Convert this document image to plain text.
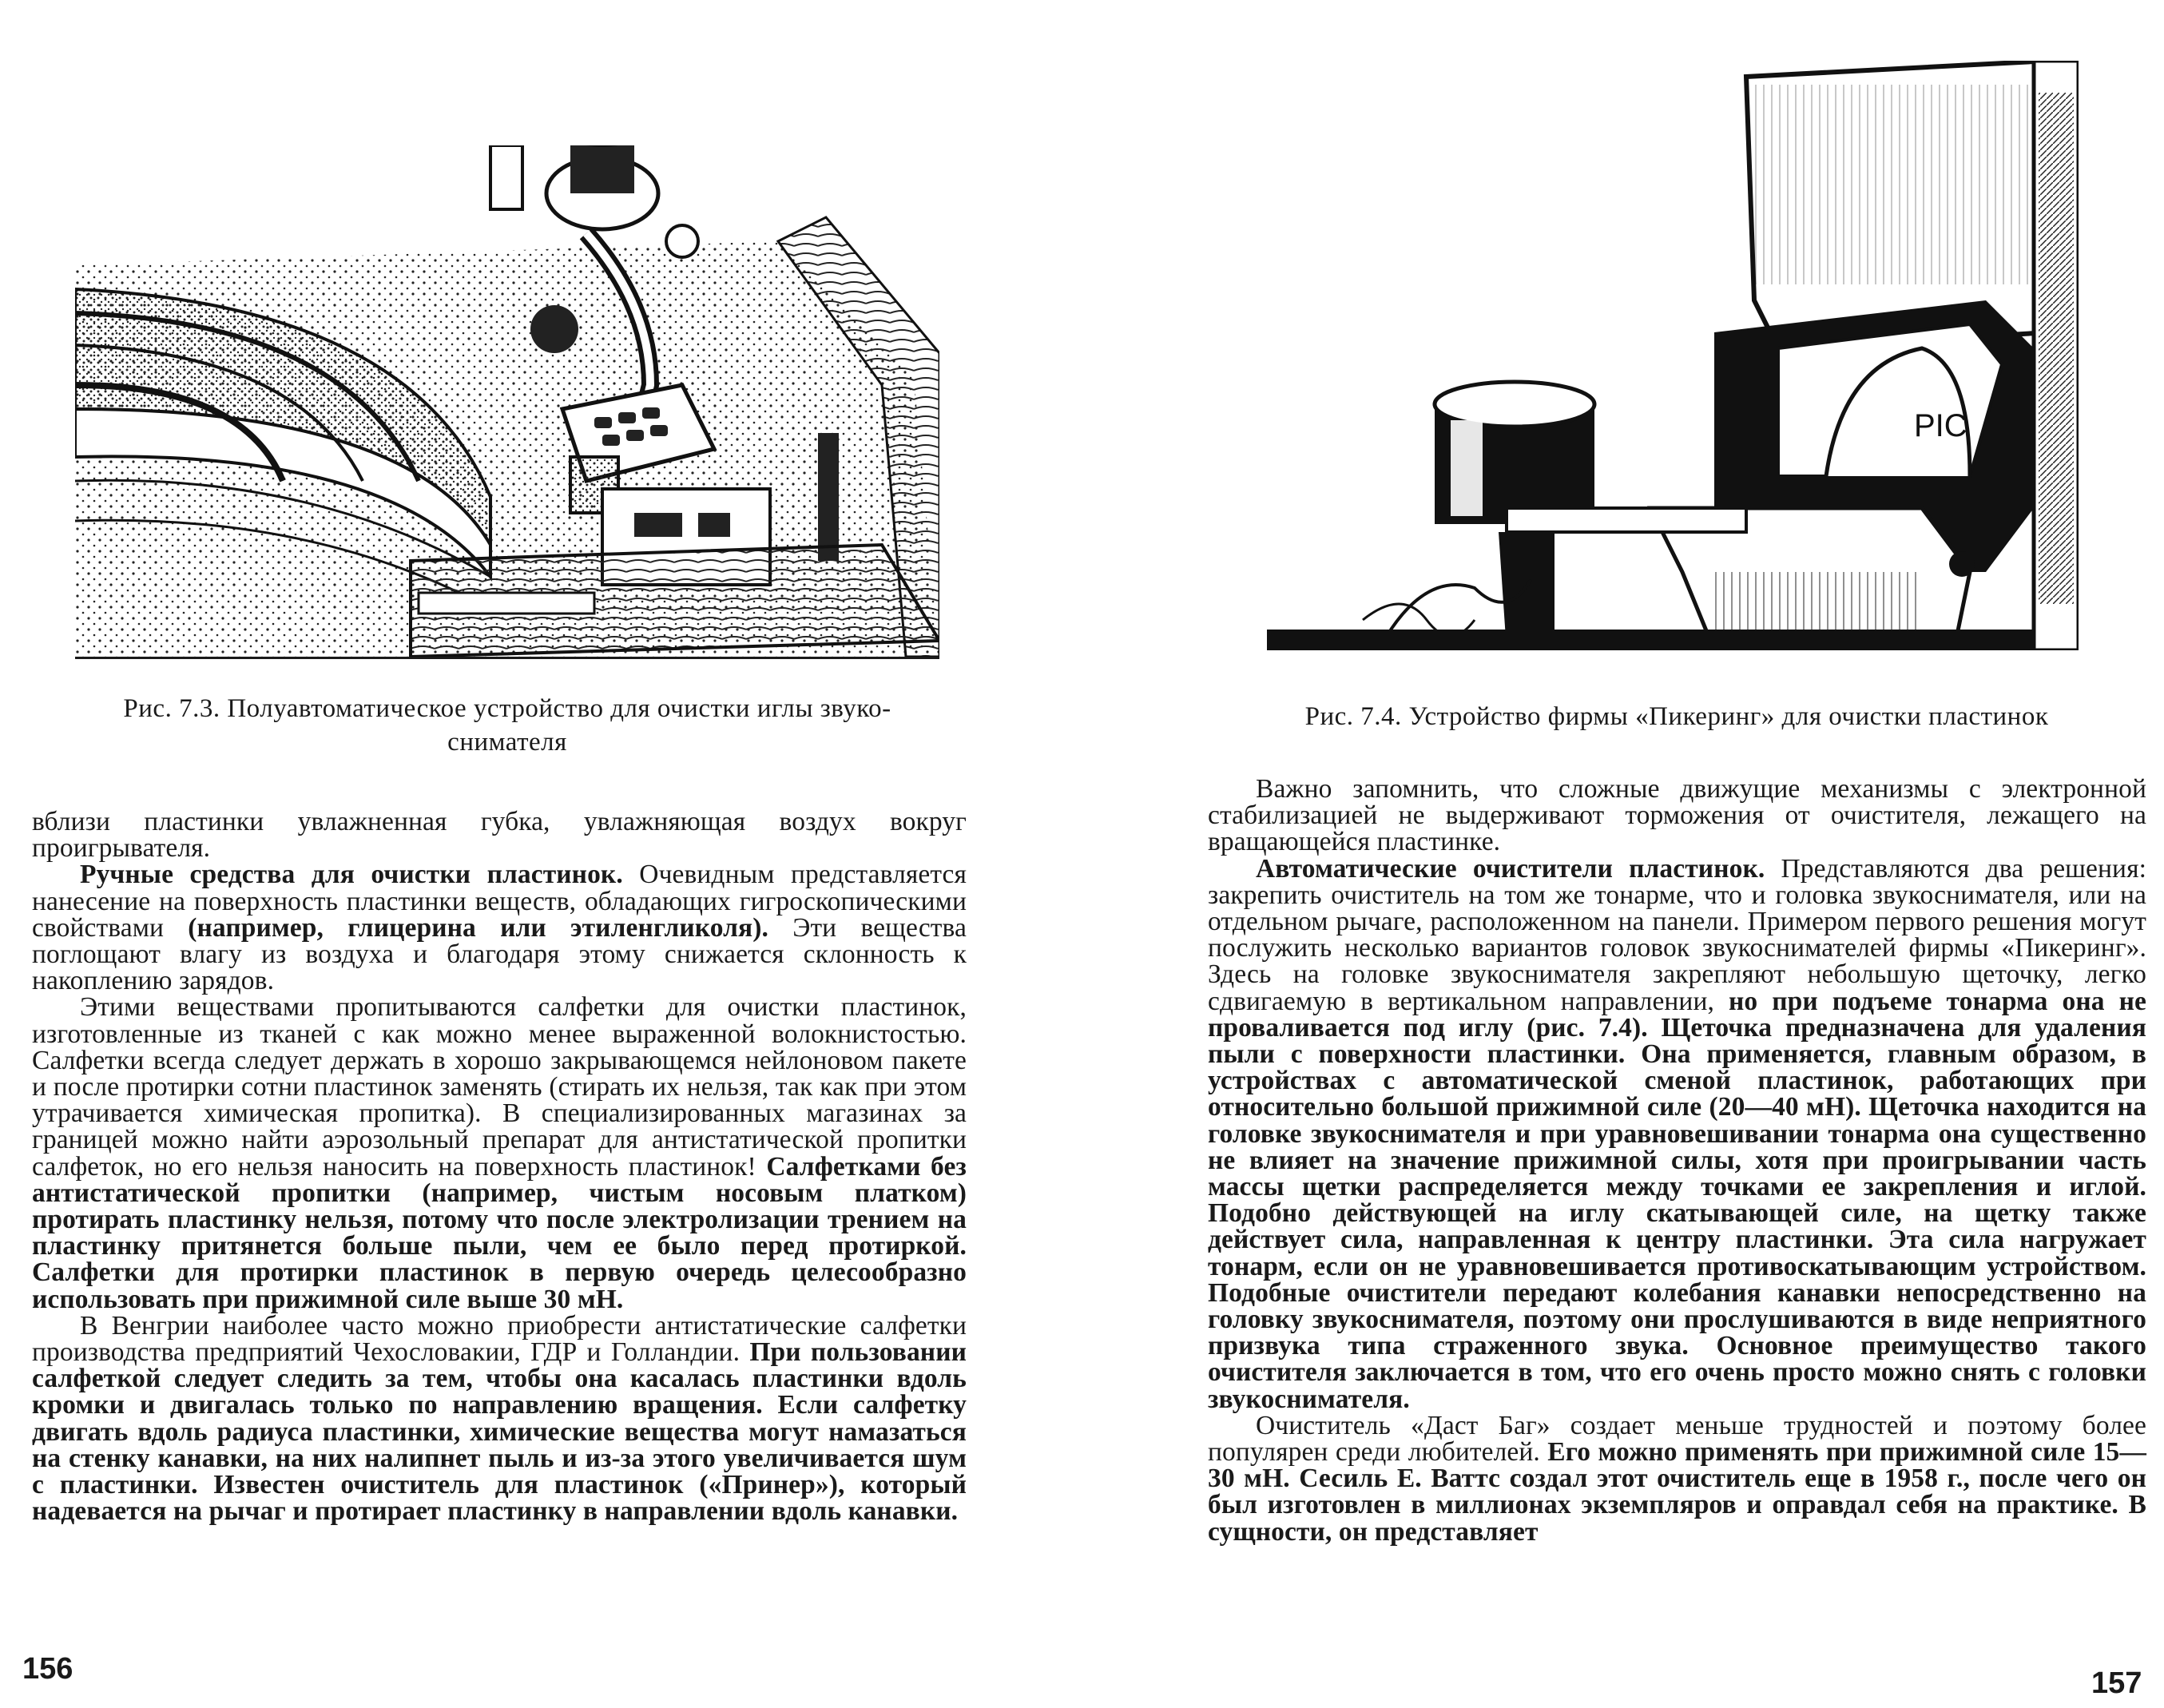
Рис. 7.3. Полуавтоматическое устройство для очистки иглы звуко-
снимателя

вблизи пластинки увлажненная губка, увлажняющая воздух вокруг проигрывателя.

Ручные средства для очистки пластинок. Очевидным представляется нанесение на поверхность пластинки веществ, обладающих гигроскопическими свойствами (например, глицерина или этиленгликоля). Эти вещества поглощают влагу из воздуха и благодаря этому снижается склонность к накоплению зарядов.

Этими веществами пропитываются салфетки для очистки пластинок, изготовленные из тканей с как можно менее выраженной волокнистостью. Салфетки всегда следует держать в хорошо закрывающемся нейлоновом пакете и после протирки сотни пластинок заменять (стирать их нельзя, так как при этом утрачивается химическая пропитка). В специализированных магазинах за границей можно найти аэрозольный препарат для антистатической пропитки салфеток, но его нельзя наносить на поверхность пластинок! Салфетками без антистатической пропитки (например, чистым носовым платком) протирать пластинку нельзя, потому что после электролизации трением на пластинку притянется больше пыли, чем ее было перед протиркой. Салфетки для протирки пластинок в первую очередь целесообразно использовать при прижимной силе выше 30 мН.

В Венгрии наиболее часто можно приобрести антистатические салфетки производства предприятий Чехословакии, ГДР и Голландии. При пользовании салфеткой следует следить за тем, чтобы она касалась пластинки вдоль кромки и двигалась только по направлению вращения. Если салфетку двигать вдоль радиуса пластинки, химические вещества могут намазаться на стенку канавки, на них налипнет пыль и из-за этого увеличивается шум с пластинки. Известен очиститель для пластинок («Принер»), который надевается на рычаг и протирает пластинку в направлении вдоль канавки.

156
PIC
Рис. 7.4. Устройство фирмы «Пикеринг» для очистки пластинок

Важно запомнить, что сложные движущие механизмы с электронной стабилизацией не выдерживают торможения от очистителя, лежащего на вращающейся пластинке.

Автоматические очистители пластинок. Представляются два решения: закрепить очиститель на том же тонарме, что и головка звукоснимателя, или на отдельном рычаге, расположенном на панели. Примером первого решения могут послужить несколько вариантов головок звукоснимателей фирмы «Пикеринг». Здесь на головке звукоснимателя закрепляют небольшую щеточку, легко сдвигаемую в вертикальном направлении, но при подъеме тонарма она не проваливается под иглу (рис. 7.4). Щеточка предназначена для удаления пыли с поверхности пластинки. Она применяется, главным образом, в устройствах с автоматической сменой пластинок, работающих при относительно большой прижимной силе (20—40 мН). Щеточка находится на головке звукоснимателя и при уравновешивании тонарма она существенно не влияет на значение прижимной силы, хотя при проигрывании часть массы щетки распределяется между точками ее закрепления и иглой. Подобно действующей на иглу скатывающей силе, на щетку также действует сила, направленная к центру пластинки. Эта сила нагружает тонарм, если он не уравновешивается противоскатывающим устройством. Подобные очистители передают колебания канавки непосредственно на головку звукоснимателя, поэтому они прослушиваются в виде неприятного призвука типа страженного звука. Основное преимущество такого очистителя заключается в том, что его очень просто можно снять с головки звукоснимателя.

Очиститель «Даст Баг» создает меньше трудностей и поэтому более популярен среди любителей. Его можно применять при прижимной силе 15—30 мН. Сесиль Е. Ваттс создал этот очиститель еще в 1958 г., после чего он был изготовлен в миллионах экземпляров и оправдал себя на практике. В сущности, он представляет

157
